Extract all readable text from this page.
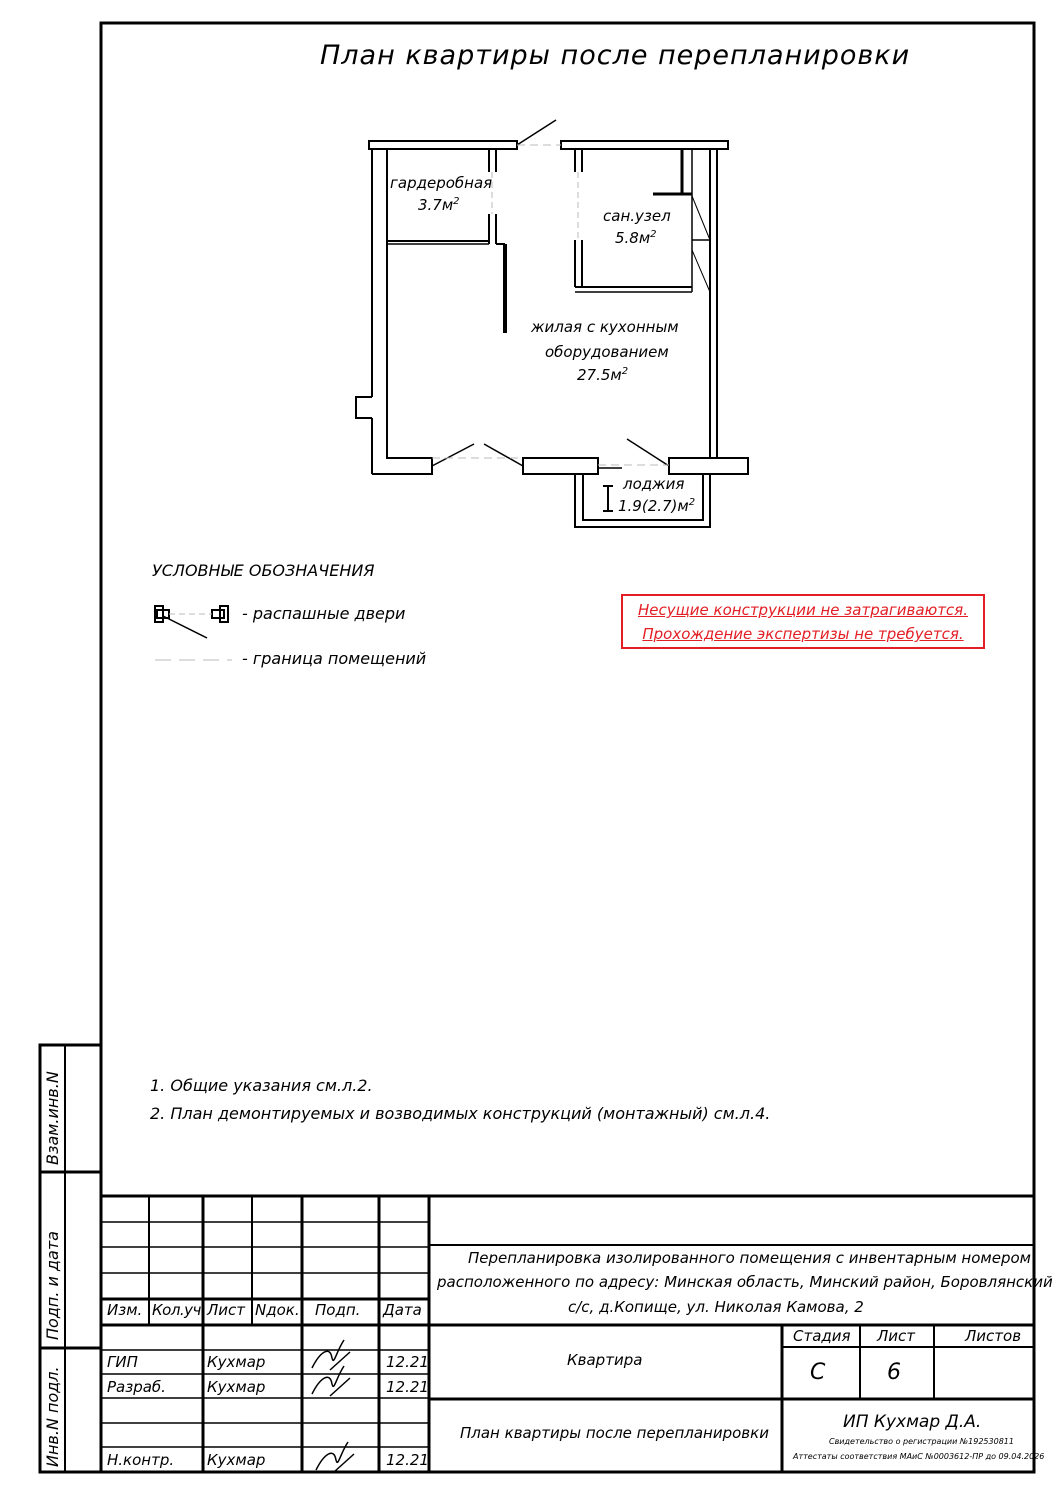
План квартиры после перепланировки
гардеробная
$3.7м^2$
сан.узел
$5.8м^2$
жилая с кухонным
оборудованием
$27.5м^2$
лоджия
$1.9(2.7)м^2$
УСЛОВНЫЕ ОБОЗНАЧЕНИЯ
- распашные двери
- граница помещений
Несущие конструкции не затрагиваются.
Прохождение экспертизы не требуется.
1. Общие указания см.л.2.
2. План демонтируемых и возводимых конструкций (монтажный) см.л.4.
Взам.инв.N
Подп. и дата
Инв.N подл.
Изм. Кол.уч. Лист Nдок. Подп. Дата
ГИП	Кухмар	12.21
Разраб.	Кухмар	12.21
Н.контр. Кухмар	12.21
Перепланировка изолированного помещения с инвентарным номером
расположенного по адресу: Минская область, Минский район, Боровлянский
с/с, д.Копище, ул. Николая Камова, 2
Квартира
Стадия Лист	Листов
С	6
План квартиры после перепланировки
ИП Кухмар Д.А.
Свидетельство о регистрации №192530811
Аттестаты соответствия МАиС №0003612-ПР до 09.04.2026
